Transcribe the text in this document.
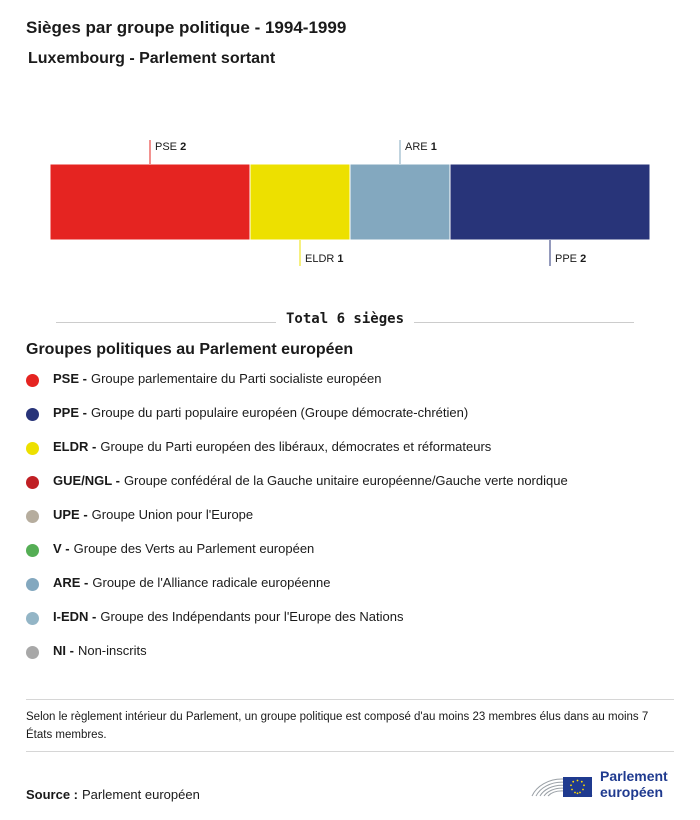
Sièges par groupe politique - 1994-1999
Luxembourg - Parlement sortant
PSE 2
ELDR 1
ARE 1
PPE 2
Total 6 sièges
Groupes politiques au Parlement européen
PSE - Groupe parlementaire du Parti socialiste européen
PPE - Groupe du parti populaire européen (Groupe démocrate-chrétien)
ELDR - Groupe du Parti européen des libéraux, démocrates et réformateurs
GUE/NGL - Groupe confédéral de la Gauche unitaire européenne/Gauche verte nordique
UPE - Groupe Union pour l'Europe
V - Groupe des Verts au Parlement européen
ARE - Groupe de l'Alliance radicale européenne
I-EDN - Groupe des Indépendants pour l'Europe des Nations
NI - Non-inscrits

Selon le règlement intérieur du Parlement, un groupe politique est composé d'au moins 23 membres élus dans au moins 7 États membres.

Source : Parlement européen
Parlement
européen
